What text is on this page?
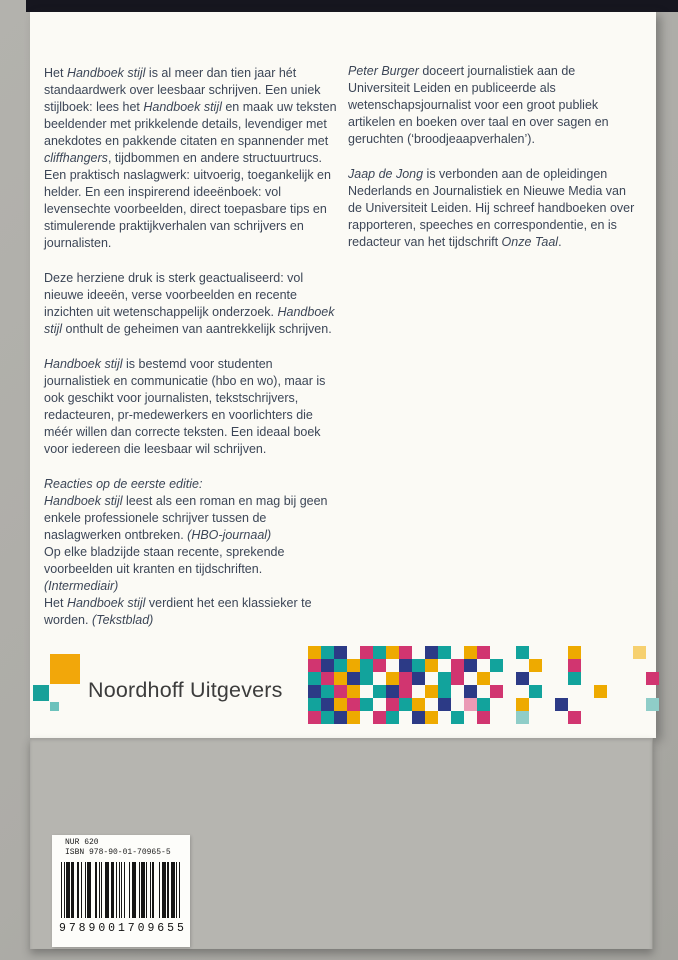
Het Handboek stijl is al meer dan tien jaar hét standaardwerk over leesbaar schrijven. Een uniek stijlboek: lees het Handboek stijl en maak uw teksten beeldender met prikkelende details, levendiger met anekdotes en pakkende citaten en spannender met cliffhangers, tijdbommen en andere structuurtrucs. Een praktisch naslagwerk: uitvoerig, toegankelijk en helder. En een inspirerend ideeënboek: vol levensechte voorbeelden, direct toepasbare tips en stimulerende praktijkverhalen van schrijvers en journalisten.

Deze herziene druk is sterk geactualiseerd: vol nieuwe ideeën, verse voorbeelden en recente inzichten uit wetenschappelijk onderzoek. Handboek stijl onthult de geheimen van aantrekkelijk schrijven.

Handboek stijl is bestemd voor studenten journalistiek en communicatie (hbo en wo), maar is ook geschikt voor journalisten, tekstschrijvers, redacteuren, pr-medewerkers en voorlichters die méér willen dan correcte teksten. Een ideaal boek voor iedereen die leesbaar wil schrijven.

Reacties op de eerste editie:
Handboek stijl leest als een roman en mag bij geen enkele professionele schrijver tussen de naslagwerken ontbreken. (HBO-journaal)
Op elke bladzijde staan recente, sprekende voorbeelden uit kranten en tijdschriften. (Intermediair)
Het Handboek stijl verdient het een klassieker te worden. (Tekstblad)

Peter Burger doceert journalistiek aan de Universiteit Leiden en publiceerde als wetenschapsjournalist voor een groot publiek artikelen en boeken over taal en over sagen en geruchten (‘broodjeaapverhalen’).

Jaap de Jong is verbonden aan de opleidingen Nederlands en Journalistiek en Nieuwe Media van de Universiteit Leiden. Hij schreef handboeken over rapporteren, speeches en correspondentie, en is redacteur van het tijdschrift Onze Taal.

Noordhoff Uitgevers
NUR 620
ISBN 978-90-01-70965-5
9 7 8 9 0 0 1 7 0 9 6 5 5
